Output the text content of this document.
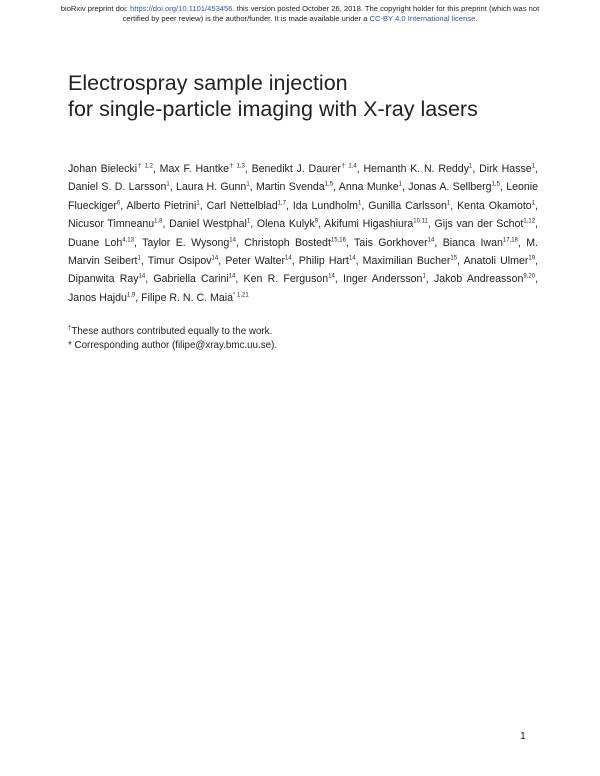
bioRxiv preprint doi: https://doi.org/10.1101/453456. this version posted October 26, 2018. The copyright holder for this preprint (which was not
certified by peer review) is the author/funder. It is made available under a CC-BY 4.0 International license.
Electrospray sample injection
for single-particle imaging with X-ray lasers

Johan Bielecki$^{\dagger 1,2}$, Max F. Hantke$^{\dagger 1,3}$, Benedikt J. Daurer$^{\dagger 1,4}$, Hemanth K. N. Reddy$^1$, Dirk Hasse$^1$, Daniel S. D. Larsson$^1$, Laura H. Gunn$^1$, Martin Svenda$^{1,5}$, Anna Munke$^1$, Jonas A. Sellberg$^{1,5}$, Leonie Flueckiger$^6$, Alberto Pietrini$^1$, Carl Nettelblad$^{1,7}$, Ida Lundholm$^1$, Gunilla Carlsson$^1$, Kenta Okamoto$^1$, Nicusor Timneanu$^{1,8}$, Daniel Westphal$^1$, Olena Kulyk$^9$, Akifumi Higashiura$^{10,11}$, Gijs van der Schot$^{1,12}$, Duane Loh$^{4,13}$, Taylor E. Wysong$^{14}$, Christoph Bostedt$^{15,16}$, Tais Gorkhover$^{14}$, Bianca Iwan$^{17,18}$, M. Marvin Seibert$^1$, Timur Osipov$^{14}$, Peter Walter$^{14}$, Philip Hart$^{14}$, Maximilian Bucher$^{15}$, Anatoli Ulmer$^{19}$, Dipanwita Ray$^{14}$, Gabriella Carini$^{14}$, Ken R. Ferguson$^{14}$, Inger Andersson$^1$, Jakob Andreasson$^{9,20}$, Janos Hajdu$^{1,9}$, Filipe R. N. C. Maia$^{* 1,21}$

†These authors contributed equally to the work.
* Corresponding author (filipe@xray.bmc.uu.se).
1
